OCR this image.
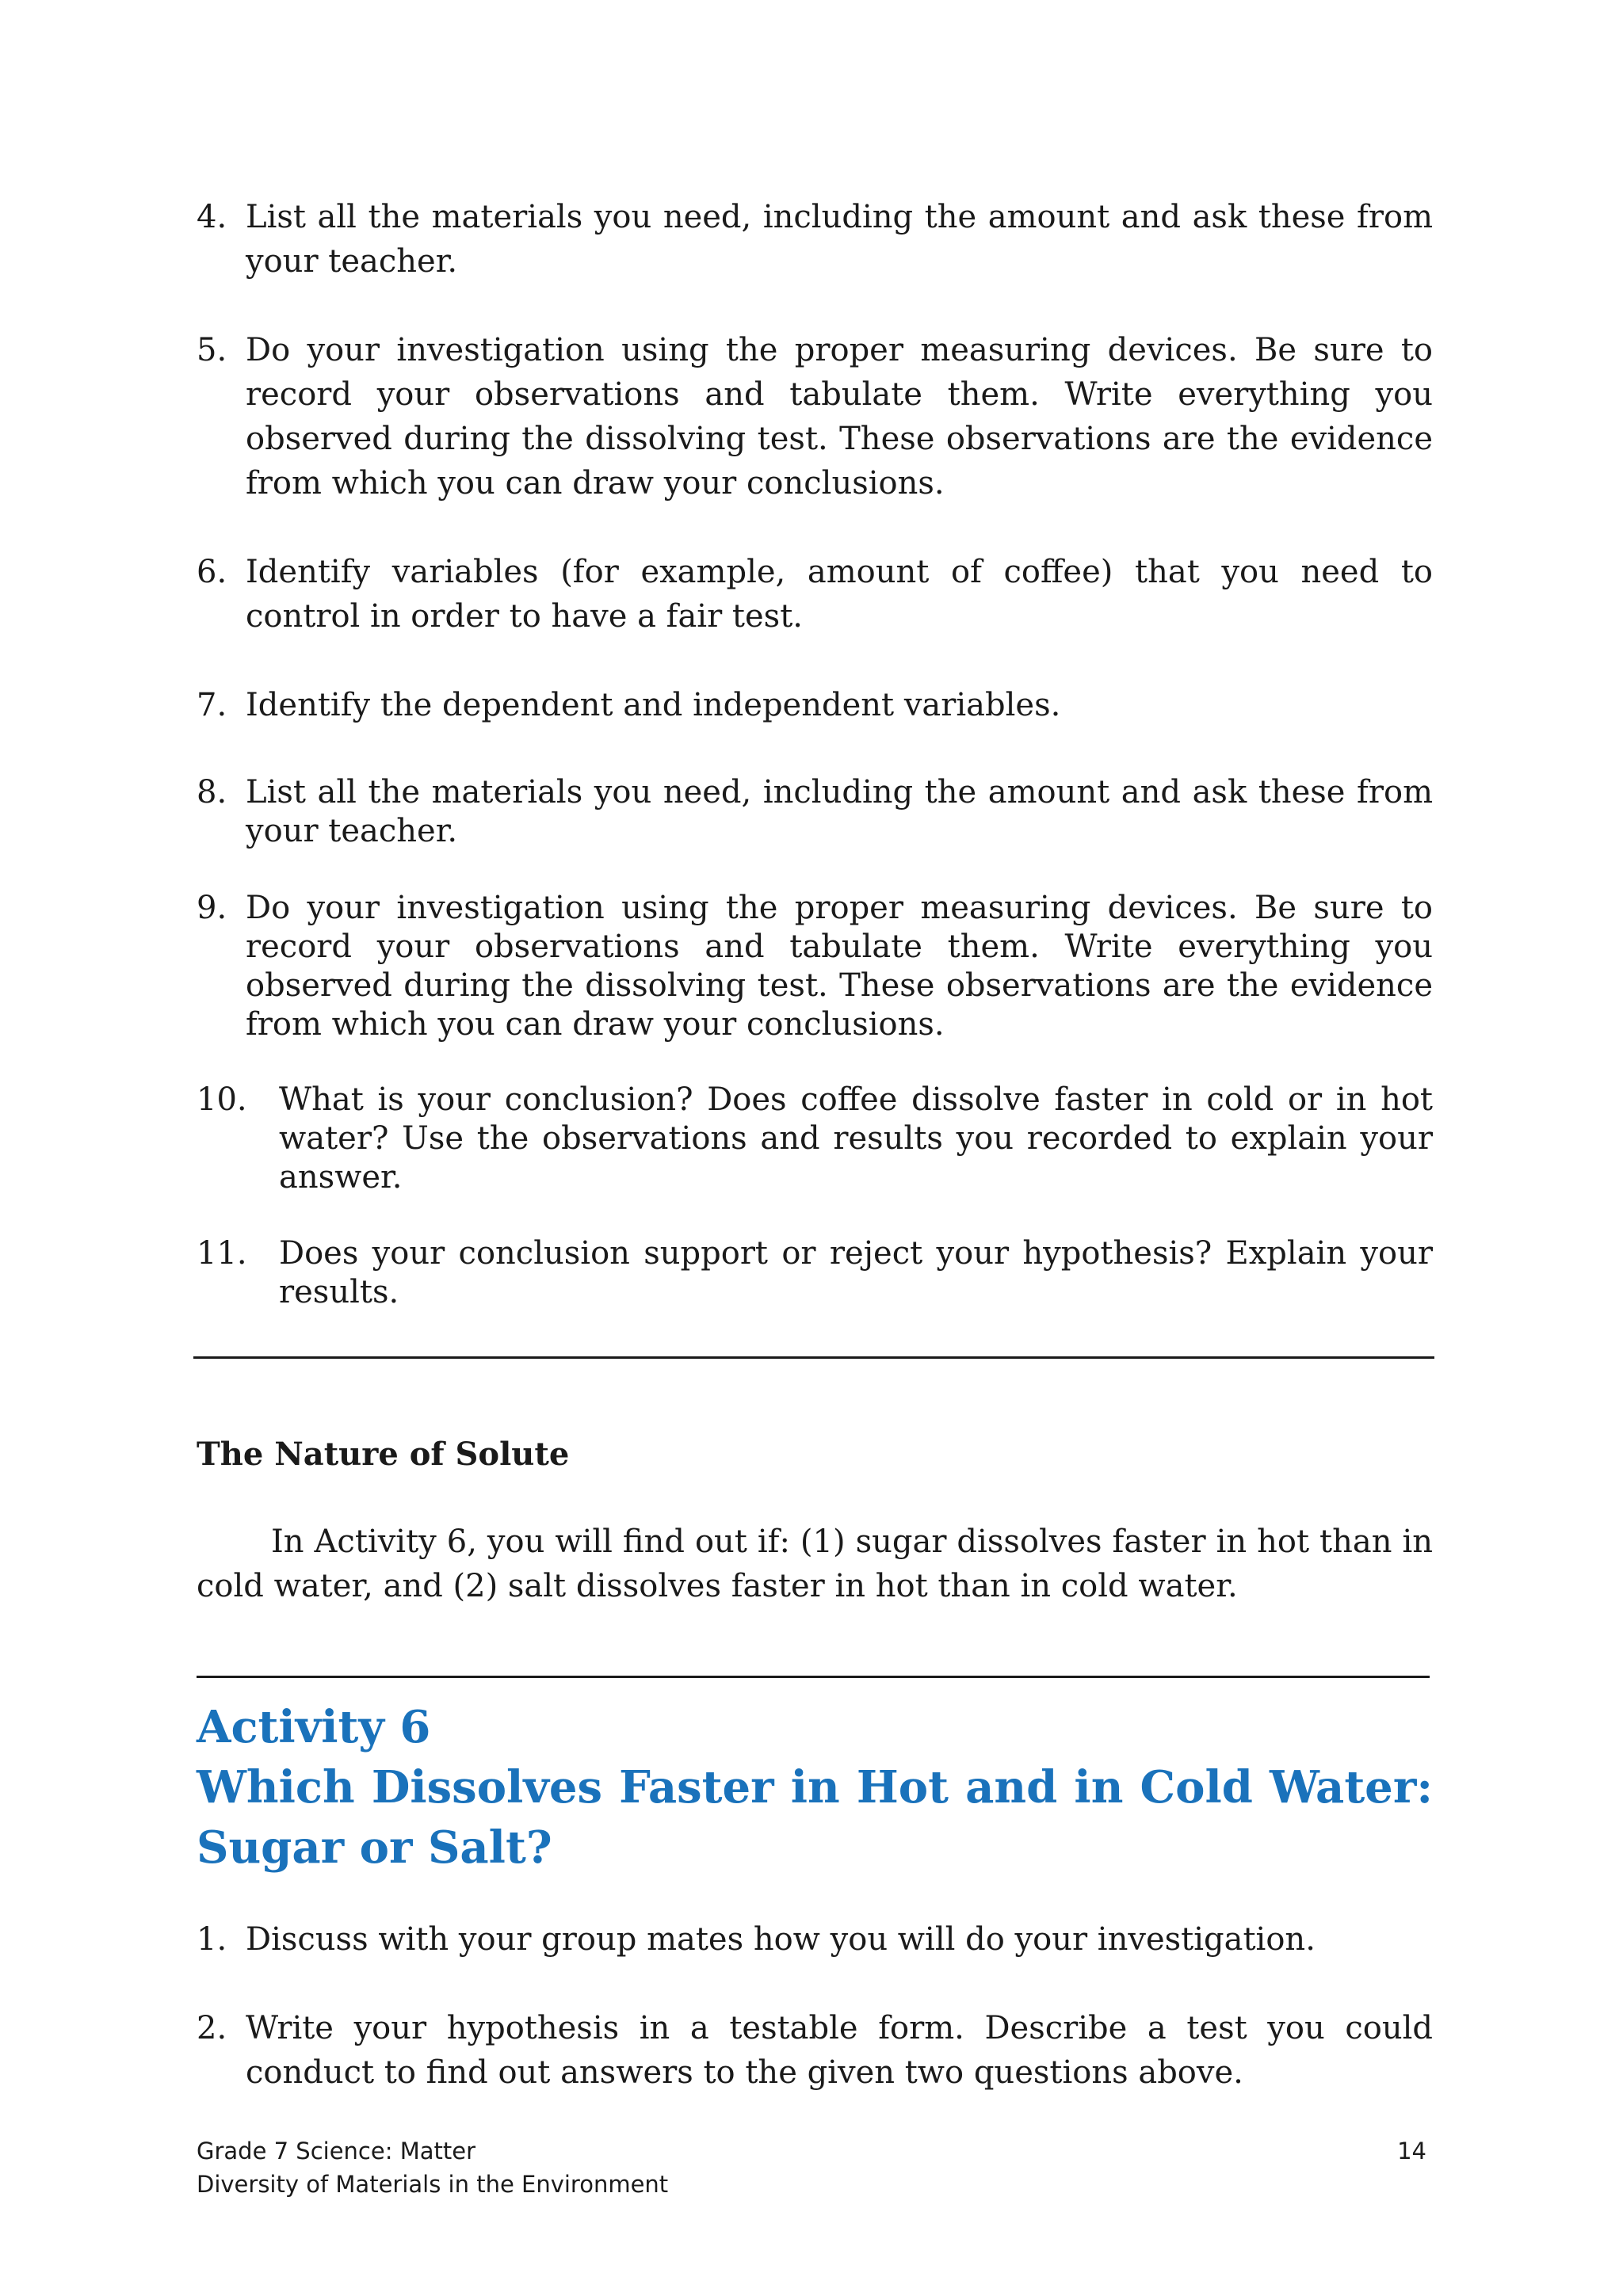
4. List all the materials you need, including the amount and ask these from your teacher.
5. Do your investigation using the proper measuring devices. Be sure to record your observations and tabulate them. Write everything you observed during the dissolving test. These observations are the evidence from which you can draw your conclusions.
6. Identify variables (for example, amount of coffee) that you need to control in order to have a fair test.
7. Identify the dependent and independent variables.
8. List all the materials you need, including the amount and ask these from your teacher.
9. Do your investigation using the proper measuring devices. Be sure to record your observations and tabulate them. Write everything you observed during the dissolving test. These observations are the evidence from which you can draw your conclusions.
10. What is your conclusion? Does coffee dissolve faster in cold or in hot water? Use the observations and results you recorded to explain your answer.
11. Does your conclusion support or reject your hypothesis? Explain your results.
The Nature of Solute
In Activity 6, you will find out if: (1) sugar dissolves faster in hot than in cold water, and (2) salt dissolves faster in hot than in cold water.
Activity 6
Which Dissolves Faster in Hot and in Cold Water: Sugar or Salt?
1. Discuss with your group mates how you will do your investigation.
2. Write your hypothesis in a testable form. Describe a test you could conduct to find out answers to the given two questions above.
Grade 7 Science: Matter
Diversity of Materials in the Environment
14
